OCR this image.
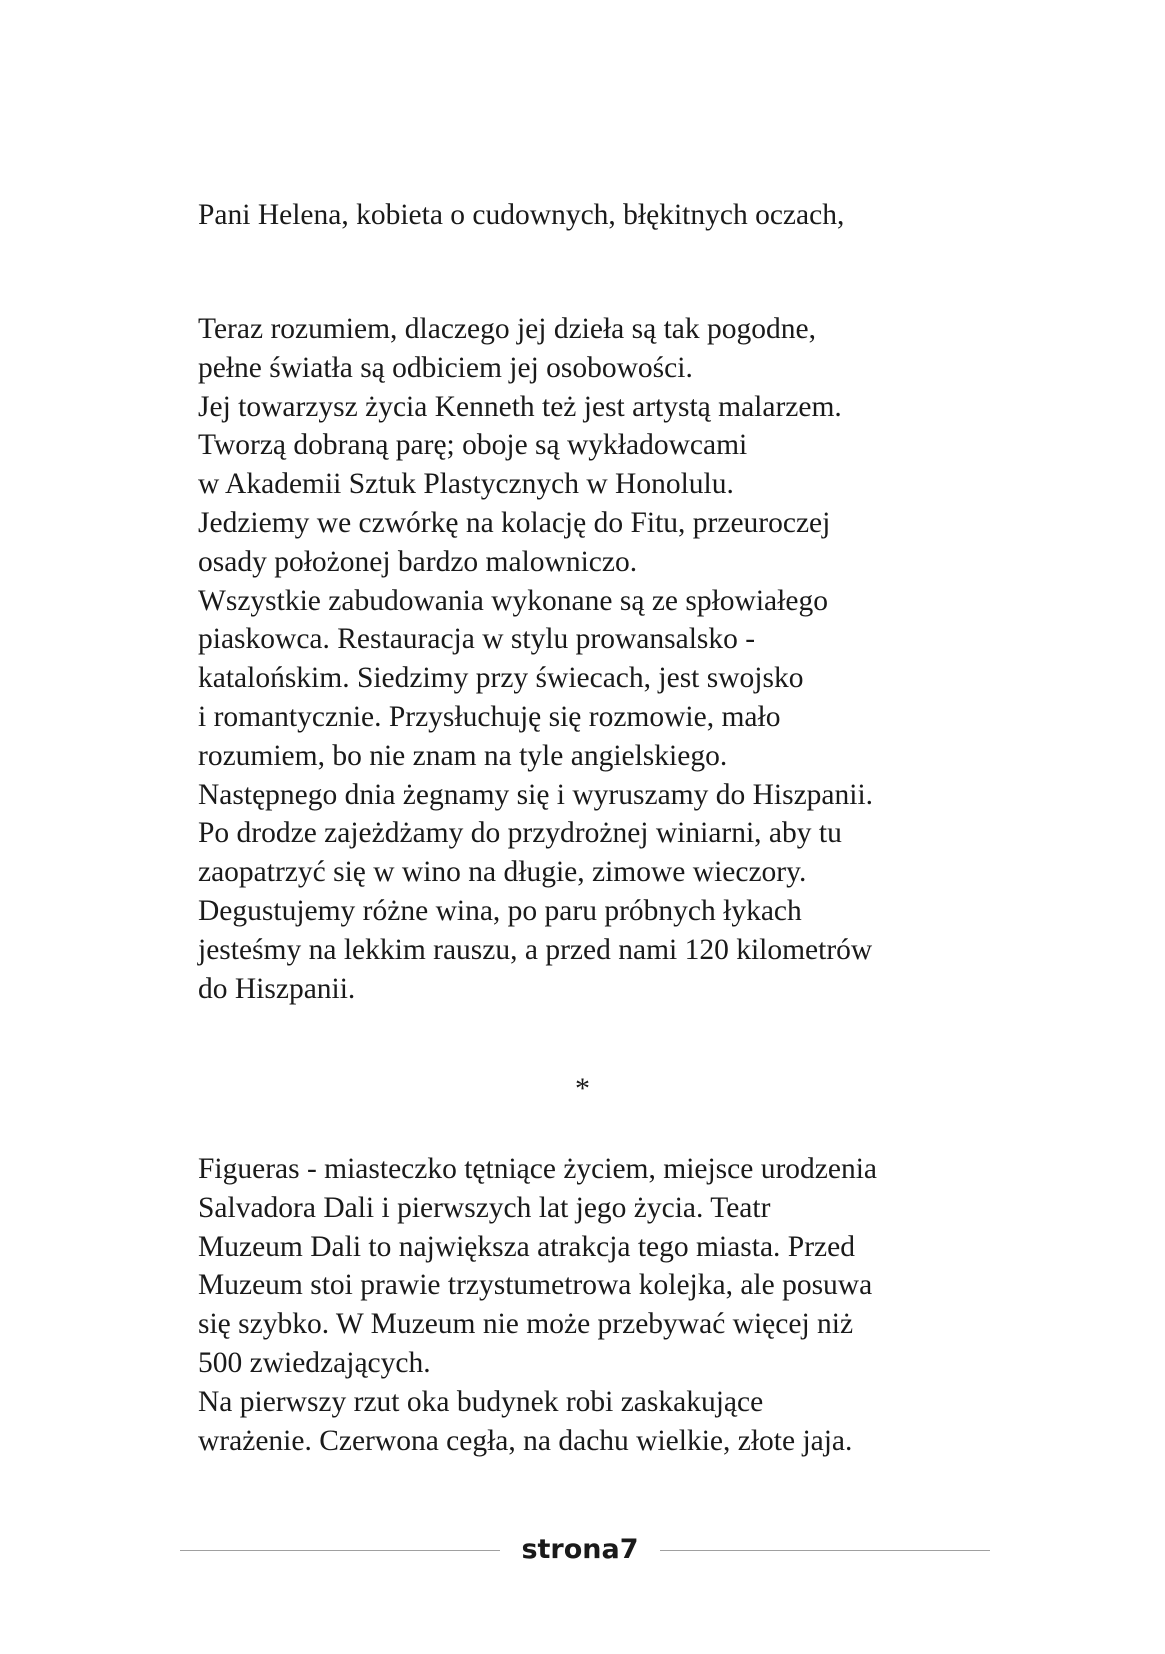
Pani Helena, kobieta o cudownych, błękitnych oczach,
Teraz rozumiem, dlaczego jej dzieła są tak pogodne,
pełne światła są odbiciem jej osobowości.
Jej towarzysz życia Kenneth też jest artystą malarzem.
Tworzą dobraną parę; oboje są wykładowcami
w Akademii Sztuk Plastycznych w Honolulu.
Jedziemy we czwórkę na kolację do Fitu, przeuroczej
osady położonej bardzo malowniczo.
Wszystkie zabudowania wykonane są ze spłowiałego
piaskowca. Restauracja w stylu prowansalsko -
katalońskim. Siedzimy przy świecach, jest swojsko
i romantycznie. Przysłuchuję się rozmowie, mało
rozumiem, bo nie znam na tyle angielskiego.
Następnego dnia żegnamy się i wyruszamy do Hiszpanii.
Po drodze zajeżdżamy do przydrożnej winiarni, aby tu
zaopatrzyć się w wino na długie, zimowe wieczory.
Degustujemy różne wina, po paru próbnych łykach
jesteśmy na lekkim rauszu, a przed nami 120 kilometrów
do Hiszpanii.
*
Figueras - miasteczko tętniące życiem, miejsce urodzenia
Salvadora Dali i pierwszych lat jego życia. Teatr
Muzeum Dali to największa atrakcja tego miasta. Przed
Muzeum stoi prawie trzystumetrowa kolejka, ale posuwa
się szybko. W Muzeum nie może przebywać więcej niż
500 zwiedzających.
Na pierwszy rzut oka budynek robi zaskakujące
wrażenie. Czerwona cegła, na dachu wielkie, złote jaja.
strona7
